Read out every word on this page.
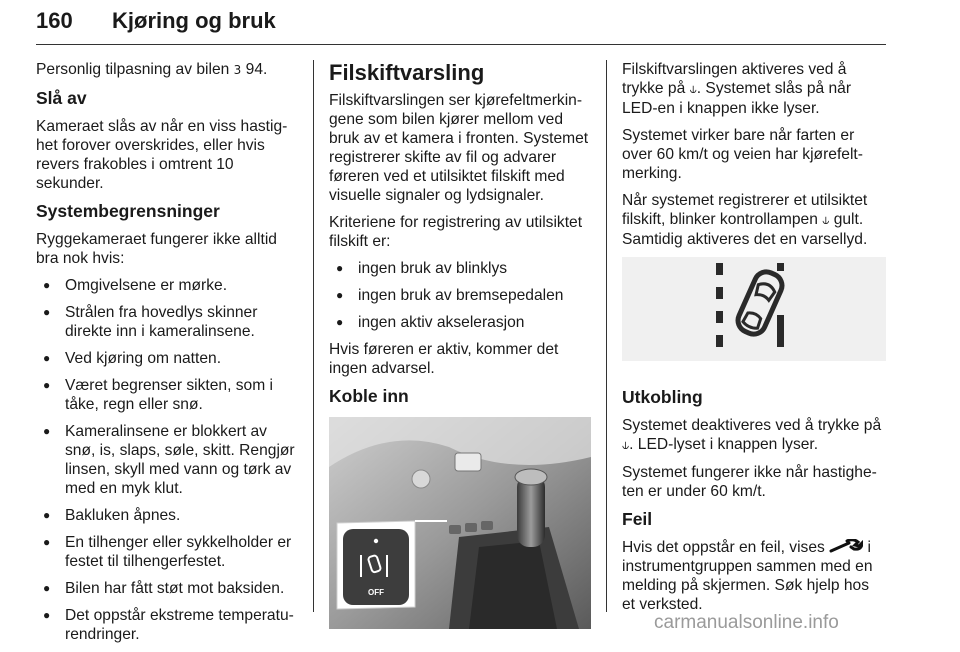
160 Kjøring og bruk

Personlig tilpasning av bilen 3 94.

Slå av

Kameraet slås av når en viss hastighet forover overskrides, eller hvis revers frakobles i omtrent 10 sekunder.

Systembegrensninger

Ryggekameraet fungerer ikke alltid bra nok hvis:

● Omgivelsene er mørke.
● Strålen fra hovedlys skinner direkte inn i kameralinsene.
● Ved kjøring om natten.
● Været begrenser sikten, som i tåke, regn eller snø.
● Kameralinsene er blokkert av snø, is, slaps, søle, skitt. Rengjør linsen, skyll med vann og tørk av med en myk klut.
● Bakluken åpnes.
● En tilhenger eller sykkelholder er festet til tilhengerfestet.
● Bilen har fått støt mot baksiden.
● Det oppstår ekstreme temperaturendringer.
Filskiftvarsling

Filskiftvarslingen ser kjørefeltmerkingene som bilen kjører mellom ved bruk av et kamera i fronten. Systemet registrerer skifte av fil og advarer føreren ved et utilsiktet filskift med visuelle signaler og lydsignaler.

Kriteriene for registrering av utilsiktet filskift er:

● ingen bruk av blinklys
● ingen bruk av bremsepedalen
● ingen aktiv akselerasjon

Hvis føreren er aktiv, kommer det ingen advarsel.

Koble inn
OFF

Filskiftvarslingen aktiveres ved å trykke på ⫝. Systemet slås på når LED-en i knappen ikke lyser.

Systemet virker bare når farten er over 60 km/t og veien har kjørefeltmerking.

Når systemet registrerer et utilsiktet filskift, blinker kontrollampen ⫝ gult. Samtidig aktiveres det en varsellyd.

Utkobling

Systemet deaktiveres ved å trykke på ⫝. LED-lyset i knappen lyser.

Systemet fungerer ikke når hastigheten er under 60 km/t.

Feil

Hvis det oppstår en feil, vises	i instrumentgruppen sammen med en melding på skjermen. Søk hjelp hos et verksted.

carmanualsonline.info
